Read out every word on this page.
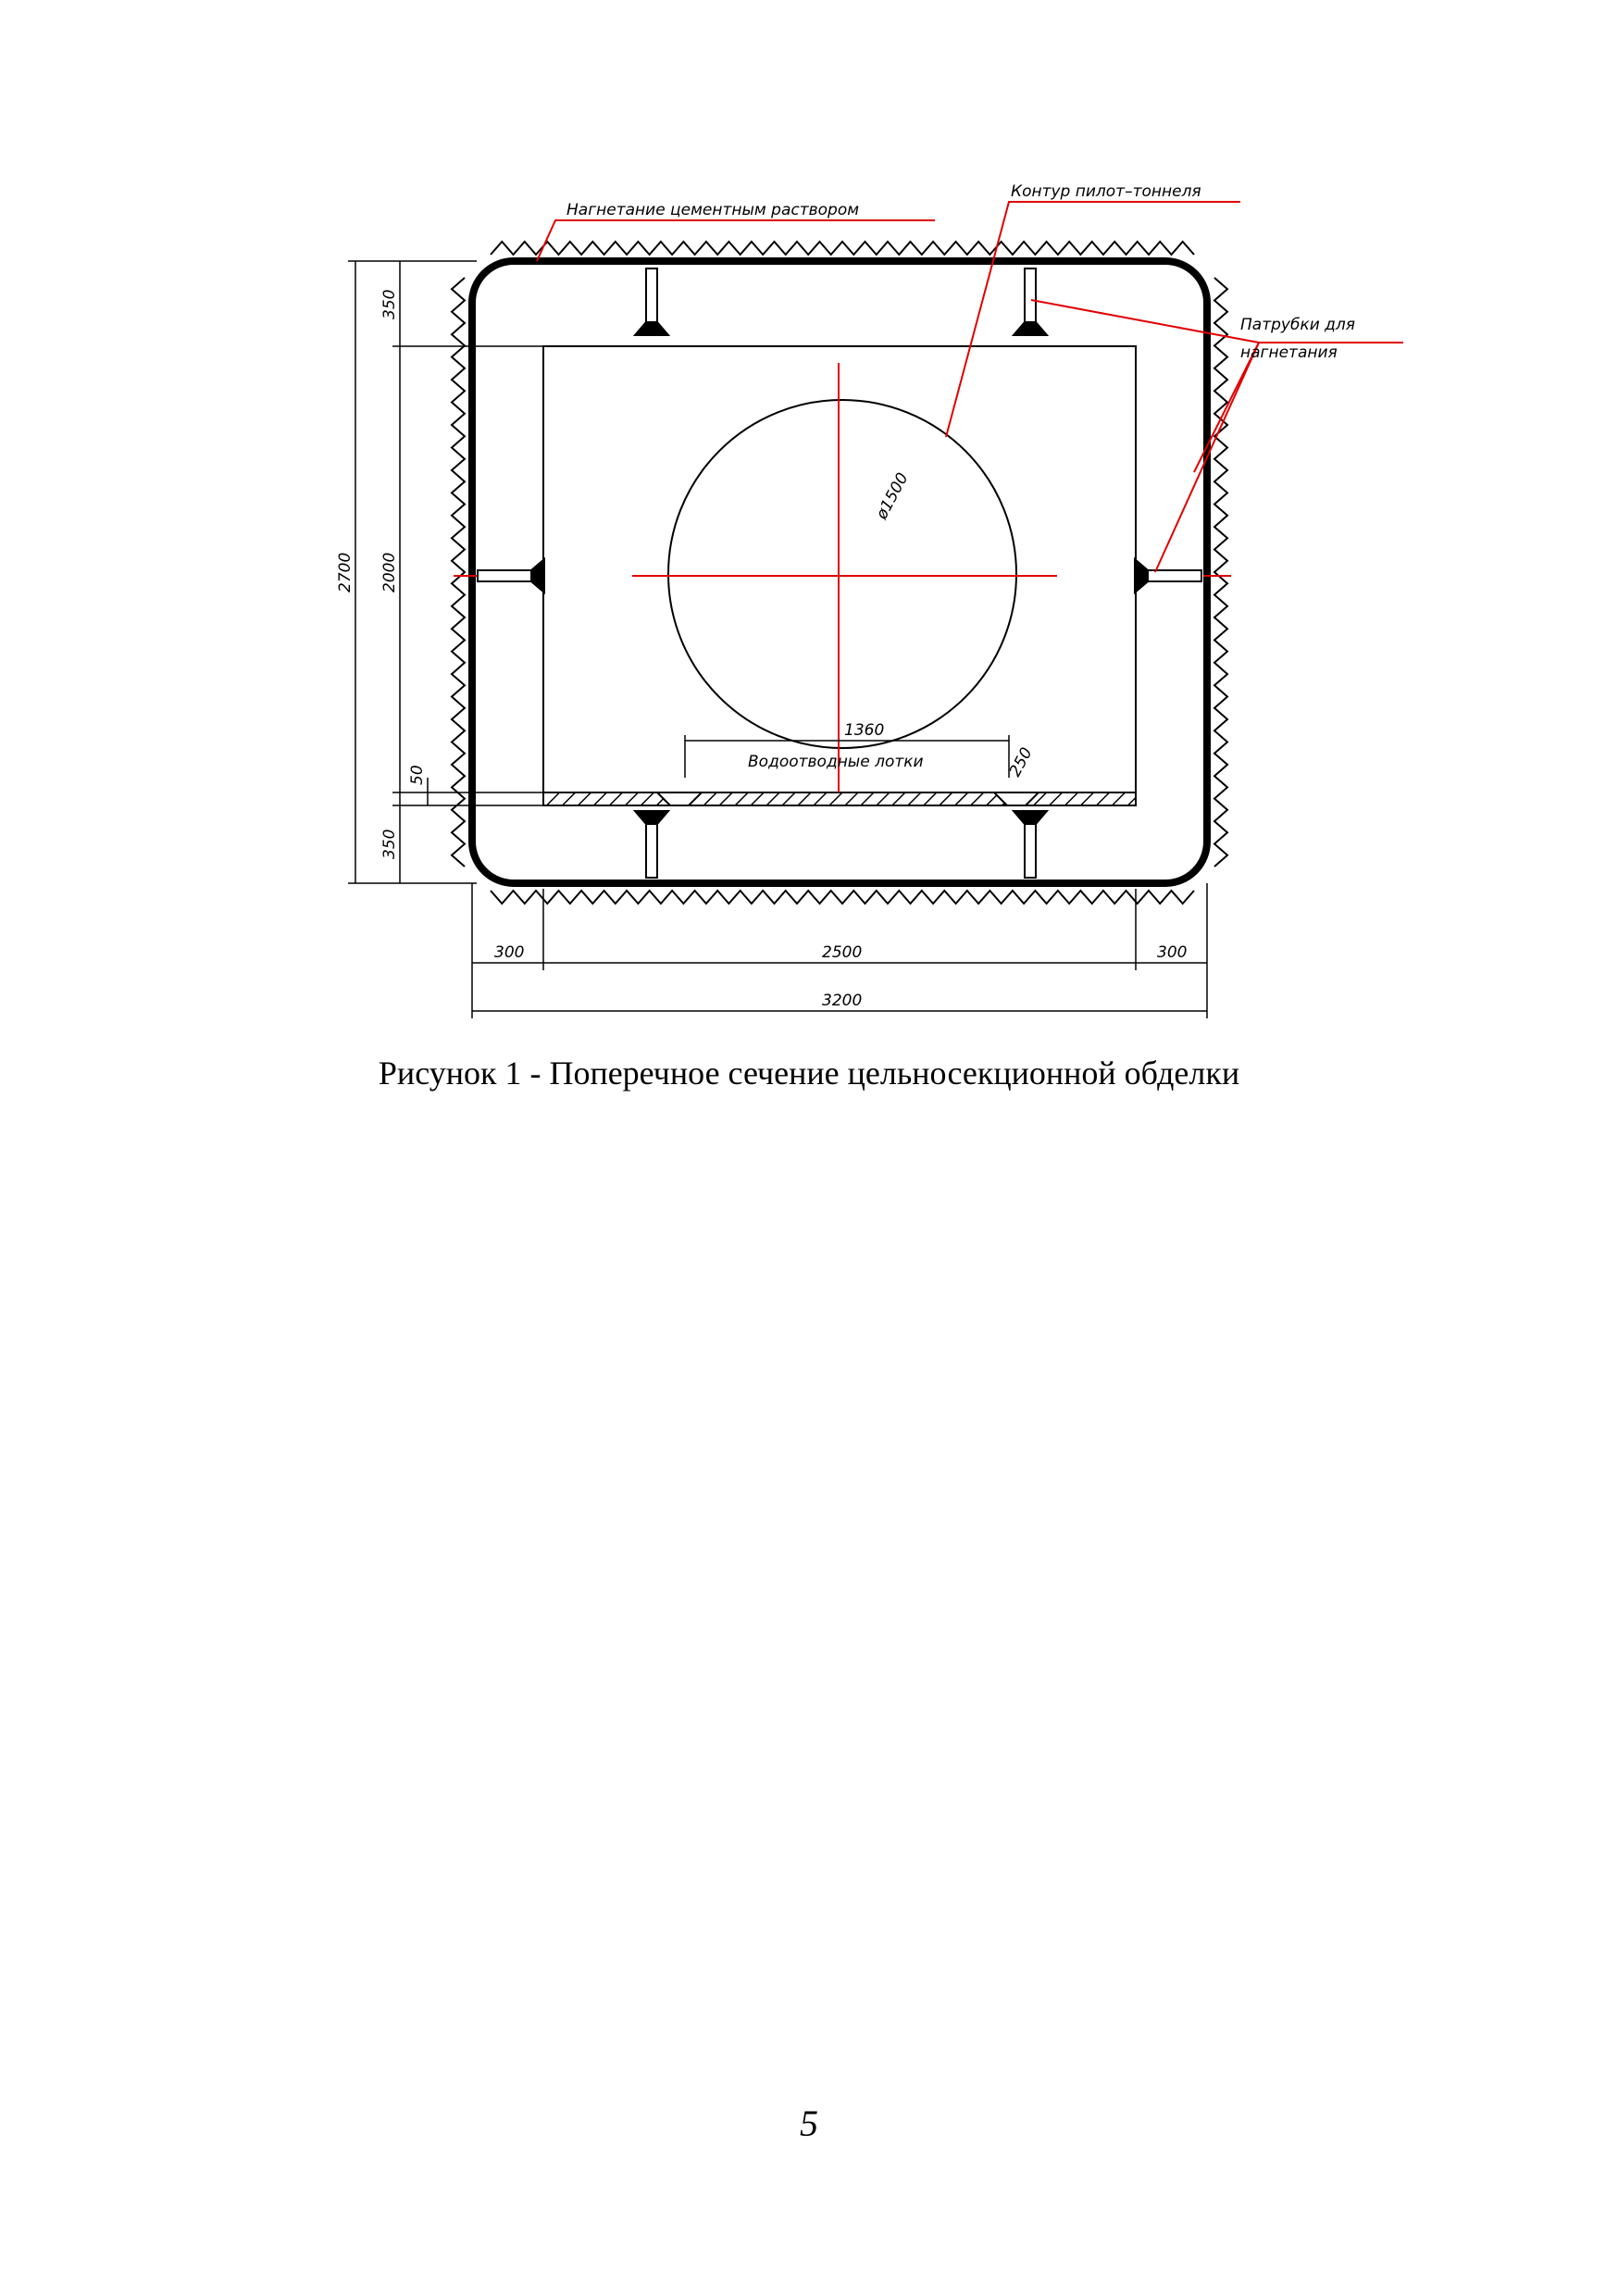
Нагнетание цементным раствором
Контур пилот–тоннеля
Патрубки для
нагнетания
Водоотводные лотки
ø1500
2700 2000
350
350
50
300	2500	300
3200
1360
250
Рисунок 1 - Поперечное сечение цельносекционной обделки
5
